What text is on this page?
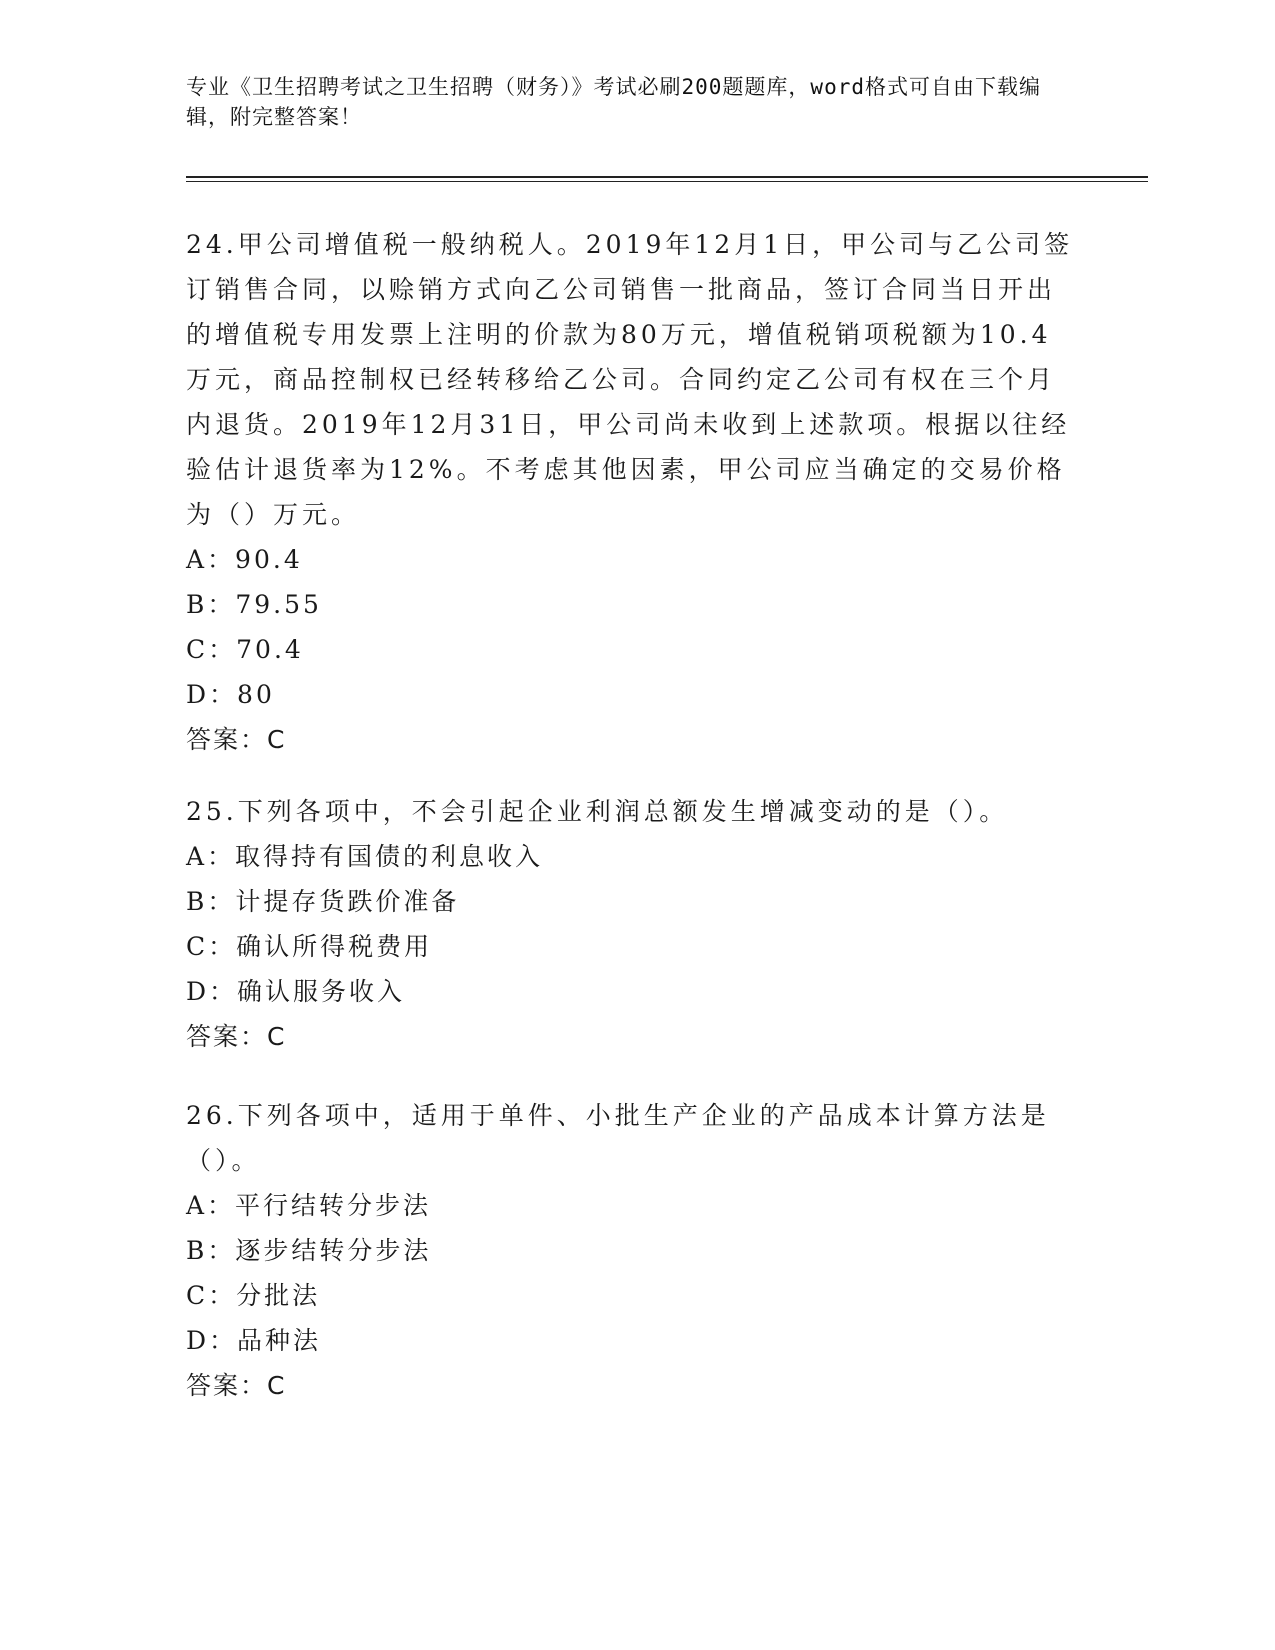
专业《卫生招聘考试之卫生招聘（财务）》考试必刷200题题库，word格式可自由下载编辑，附完整答案！

24.甲公司增值税一般纳税人。2019年12月1日，甲公司与乙公司签订销售合同，以赊销方式向乙公司销售一批商品，签订合同当日开出的增值税专用发票上注明的价款为80万元，增值税销项税额为10.4万元，商品控制权已经转移给乙公司。合同约定乙公司有权在三个月内退货。2019年12月31日，甲公司尚未收到上述款项。根据以往经验估计退货率为12%。不考虑其他因素，甲公司应当确定的交易价格为（）万元。

A：90.4

B：79.55

C：70.4

D：80

答案：C

25.下列各项中，不会引起企业利润总额发生增减变动的是（）。

A：取得持有国债的利息收入

B：计提存货跌价准备

C：确认所得税费用

D：确认服务收入

答案：C

26.下列各项中，适用于单件、小批生产企业的产品成本计算方法是（）。

A：平行结转分步法

B：逐步结转分步法

C：分批法

D：品种法

答案：C
